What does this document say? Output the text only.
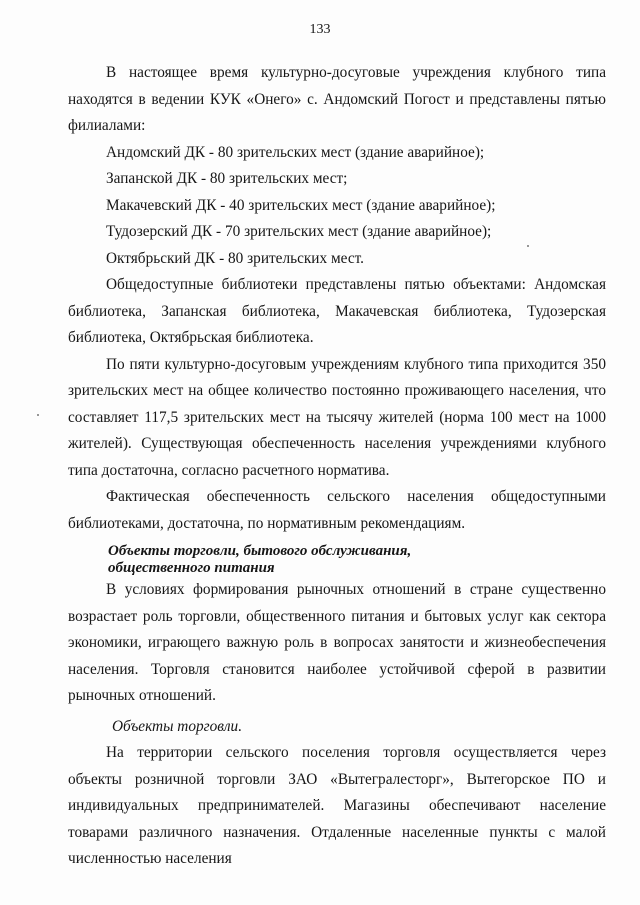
133

В настоящее время культурно-досуговые учреждения клубного типа находятся в ведении КУК «Онего» с. Андомский Погост и представлены пятью филиалами:

Андомский ДК - 80 зрительских мест (здание аварийное);
Запанской ДК - 80 зрительских мест;
Макачевский ДК - 40 зрительских мест (здание аварийное);
Тудозерский ДК - 70 зрительских мест (здание аварийное);
Октябрьский ДК - 80 зрительских мест.

Общедоступные библиотеки представлены пятью объектами: Андомская библиотека, Запанская библиотека, Макачевская библиотека, Тудозерская библиотека, Октябрьская библиотека.

По пяти культурно-досуговым учреждениям клубного типа приходится 350 зрительских мест на общее количество постоянно проживающего населения, что составляет 117,5 зрительских мест на тысячу жителей (норма 100 мест на 1000 жителей). Существующая обеспеченность населения учреждениями клубного типа достаточна, согласно расчетного норматива.

Фактическая обеспеченность сельского населения общедоступными библиотеками, достаточна, по нормативным рекомендациям.

Объекты торговли, бытового обслуживания,
общественного питания

В условиях формирования рыночных отношений в стране существенно возрастает роль торговли, общественного питания и бытовых услуг как сектора экономики, играющего важную роль в вопросах занятости и жизнеобеспечения населения. Торговля становится наиболее устойчивой сферой в развитии рыночных отношений.

Объекты торговли.

На территории сельского поселения торговля осуществляется через объекты розничной торговли ЗАО «Вытегралесторг», Вытегорское ПО и индивидуальных предпринимателей. Магазины обеспечивают население товарами различного назначения. Отдаленные населенные пункты с малой численностью населения
